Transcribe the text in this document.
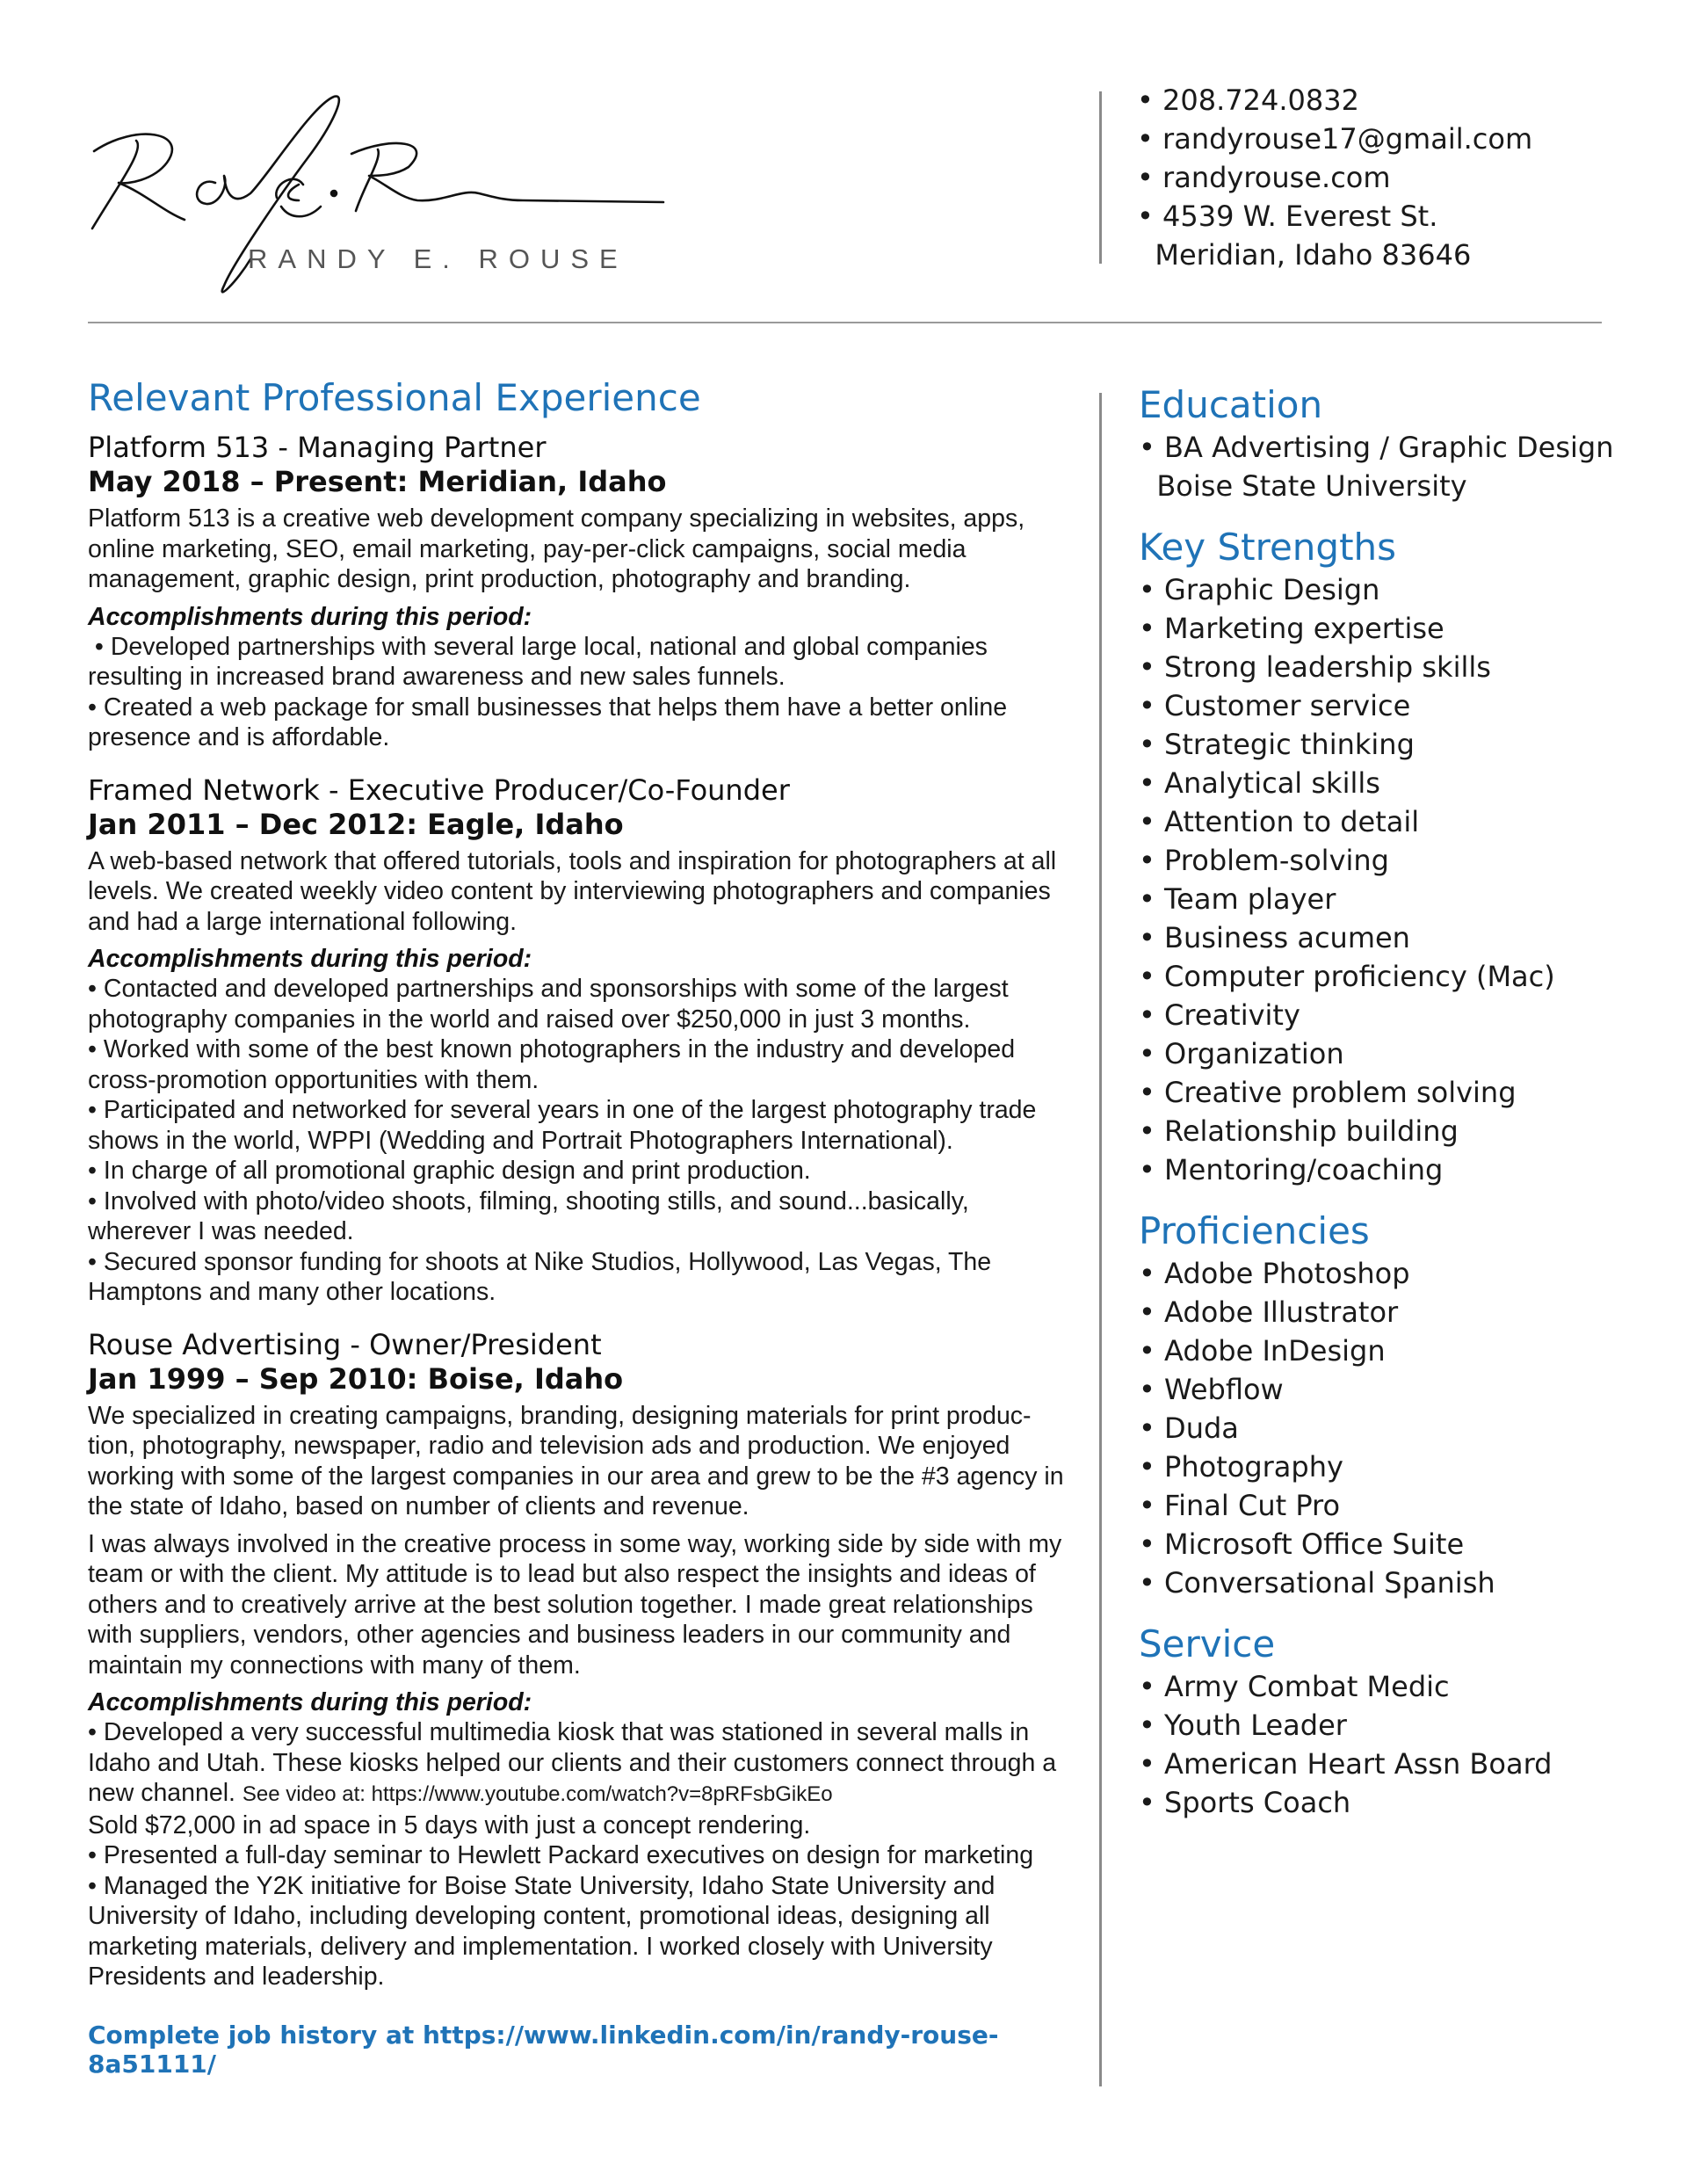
RANDY E. ROUSE
• 208.724.0832
• randyrouse17@gmail.com
• randyrouse.com
• 4539 W. Everest St.
Meridian, Idaho 83646
Relevant Professional Experience
Platform 513 - Managing Partner
May 2018 – Present: Meridian, Idaho

Platform 513 is a creative web development company specializing in websites, apps, online marketing, SEO, email marketing, pay-per-click campaigns, social media management, graphic design, print production, photography and branding.

Accomplishments during this period:
• Developed partnerships with several large local, national and global companies resulting in increased brand awareness and new sales funnels.
• Created a web package for small businesses that helps them have a better online presence and is affordable.
Framed Network - Executive Producer/Co-Founder
Jan 2011 – Dec 2012: Eagle, Idaho

A web-based network that offered tutorials, tools and inspiration for photographers at all levels. We created weekly video content by interviewing photographers and companies and had a large international following.

Accomplishments during this period:
• Contacted and developed partnerships and sponsorships with some of the largest photography companies in the world and raised over $250,000 in just 3 months.
• Worked with some of the best known photographers in the industry and developed cross-promotion opportunities with them.
• Participated and networked for several years in one of the largest photography trade shows in the world, WPPI (Wedding and Portrait Photographers International).
• In charge of all promotional graphic design and print production.
• Involved with photo/video shoots, filming, shooting stills, and sound...basically, wherever I was needed.
• Secured sponsor funding for shoots at Nike Studios, Hollywood, Las Vegas, The Hamptons and many other locations.
Rouse Advertising - Owner/President
Jan 1999 – Sep 2010: Boise, Idaho

We specialized in creating campaigns, branding, designing materials for print produc-tion, photography, newspaper, radio and television ads and production. We enjoyed working with some of the largest companies in our area and grew to be the #3 agency in the state of Idaho, based on number of clients and revenue.

I was always involved in the creative process in some way, working side by side with my team or with the client. My attitude is to lead but also respect the insights and ideas of others and to creatively arrive at the best solution together. I made great relationships with suppliers, vendors, other agencies and business leaders in our community and maintain my connections with many of them.

Accomplishments during this period:
• Developed a very successful multimedia kiosk that was stationed in several malls in Idaho and Utah. These kiosks helped our clients and their customers connect through a new channel. See video at: https://www.youtube.com/watch?v=8pRFsbGikEo
Sold $72,000 in ad space in 5 days with just a concept rendering.
• Presented a full-day seminar to Hewlett Packard executives on design for marketing
• Managed the Y2K initiative for Boise State University, Idaho State University and University of Idaho, including developing content, promotional ideas, designing all marketing materials, delivery and implementation. I worked closely with University Presidents and leadership.
Complete job history at https://www.linkedin.com/in/randy-rouse-8a51111/
Education
• BA Advertising / Graphic Design
Boise State University
Key Strengths
• Graphic Design
• Marketing expertise
• Strong leadership skills
• Customer service
• Strategic thinking
• Analytical skills
• Attention to detail
• Problem-solving
• Team player
• Business acumen
• Computer proficiency (Mac)
• Creativity
• Organization
• Creative problem solving
• Relationship building
• Mentoring/coaching
Proficiencies
• Adobe Photoshop
• Adobe Illustrator
• Adobe InDesign
• Webflow
• Duda
• Photography
• Final Cut Pro
• Microsoft Office Suite
• Conversational Spanish
Service
• Army Combat Medic
• Youth Leader
• American Heart Assn Board
• Sports Coach
